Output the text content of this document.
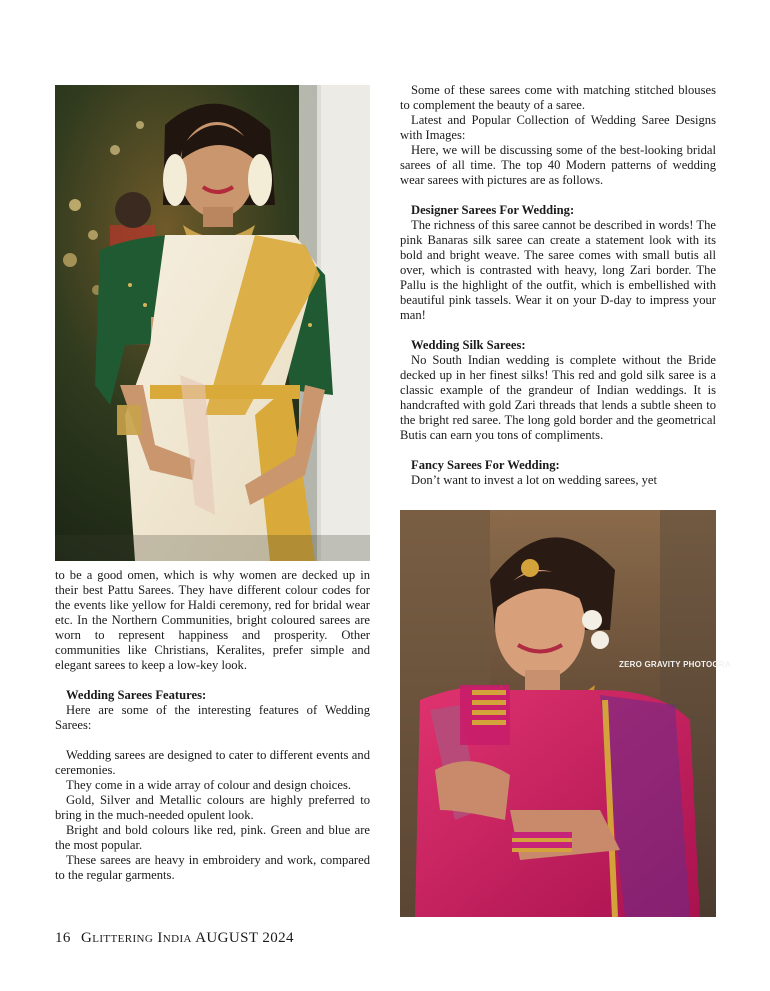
ZERO GRAVITY PHOTOGRA

Some of these sarees come with matching stitched blouses to complement the beauty of a saree.

Latest and Popular Collection of Wedding Saree Designs with Images:

Here, we will be discussing some of the best-looking bridal sarees of all time. The top 40 Modern patterns of wedding wear sarees with pictures are as follows.

Designer Sarees For Wedding:

The richness of this saree cannot be described in words! The pink Banaras silk saree can create a statement look with its bold and bright weave. The saree comes with small butis all over, which is contrasted with heavy, long Zari border. The Pallu is the highlight of the outfit, which is embellished with beautiful pink tassels. Wear it on your D-day to impress your man!

Wedding Silk Sarees:

No South Indian wedding is complete without the Bride decked up in her finest silks! This red and gold silk saree is a classic example of the grandeur of Indian weddings. It is handcrafted with gold Zari threads that lends a subtle sheen to the bright red saree. The long gold border and the geometrical Butis can earn you tons of compliments.

Fancy Sarees For Wedding:

Don’t want to invest a lot on wedding sarees, yet

to be a good omen, which is why women are decked up in their best Pattu Sarees. They have different colour codes for the events like yellow for Haldi ceremony, red for bridal wear etc. In the Northern Communities, bright coloured sarees are worn to represent happiness and prosperity. Other communities like Christians, Keralites, prefer simple and elegant sarees to keep a low-key look.

Wedding Sarees Features:

Here are some of the interesting features of Wedding Sarees:

Wedding sarees are designed to cater to different events and ceremonies.

They come in a wide array of colour and design choices.

Gold, Silver and Metallic colours are highly preferred to bring in the much-needed opulent look.

Bright and bold colours like red, pink. Green and blue are the most popular.

These sarees are heavy in embroidery and work, compared to the regular garments.

16 Glittering India AUGUST 2024
